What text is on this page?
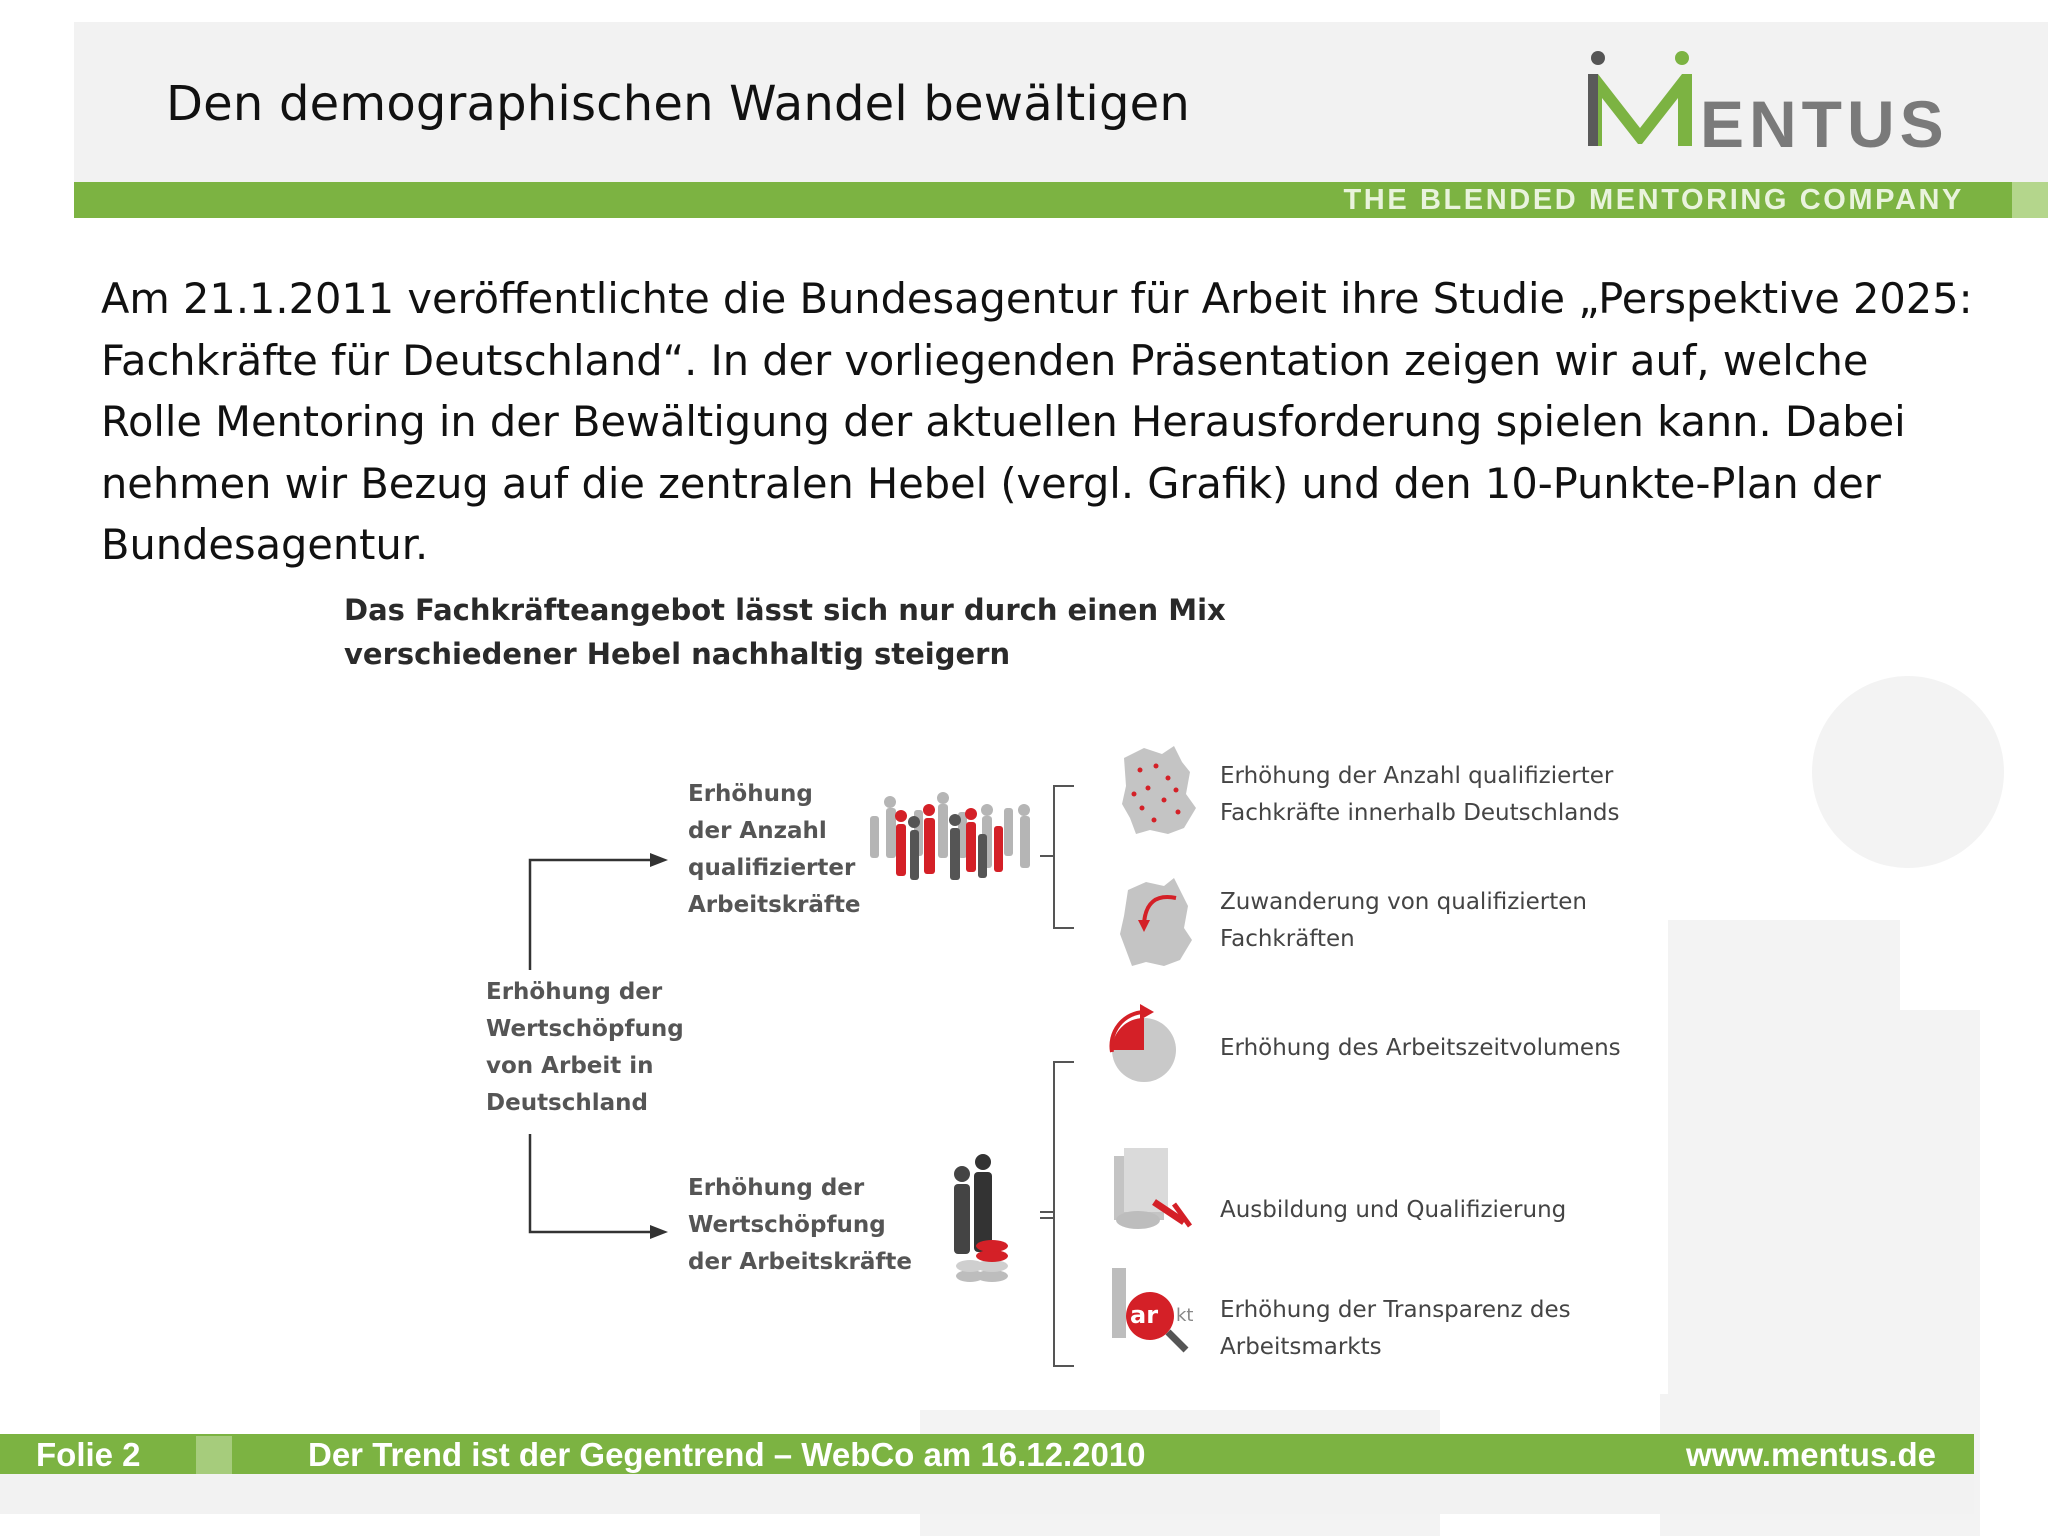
Den demographischen Wandel bewältigen	ENTUS
THE BLENDED MENTORING COMPANY
Am 21.1.2011 veröffentlichte die Bundesagentur für Arbeit ihre Studie „Perspektive 2025:
Fachkräfte für Deutschland“. In der vorliegenden Präsentation zeigen wir auf, welche
Rolle Mentoring in der Bewältigung der aktuellen Herausforderung spielen kann. Dabei
nehmen wir Bezug auf die zentralen Hebel (vergl. Grafik) und den 10-Punkte-Plan der
Bundesagentur.
Das Fachkräfteangebot lässt sich nur durch einen Mix
verschiedener Hebel nachhaltig steigern
ar kt
Erhöhung der
Wertschöpfung
von Arbeit in
Deutschland
Erhöhung
der Anzahl
qualifizierter
Arbeitskräfte
Erhöhung der
Wertschöpfung
der Arbeitskräfte
Erhöhung der Anzahl qualifizierter
Fachkräfte innerhalb Deutschlands
Zuwanderung von qualifizierten
Fachkräften
Erhöhung des Arbeitszeitvolumens
Ausbildung und Qualifizierung
Erhöhung der Transparenz des
Arbeitsmarkts
Folie 2	Der Trend ist der Gegentrend – WebCo am 16.12.2010	www.mentus.de
